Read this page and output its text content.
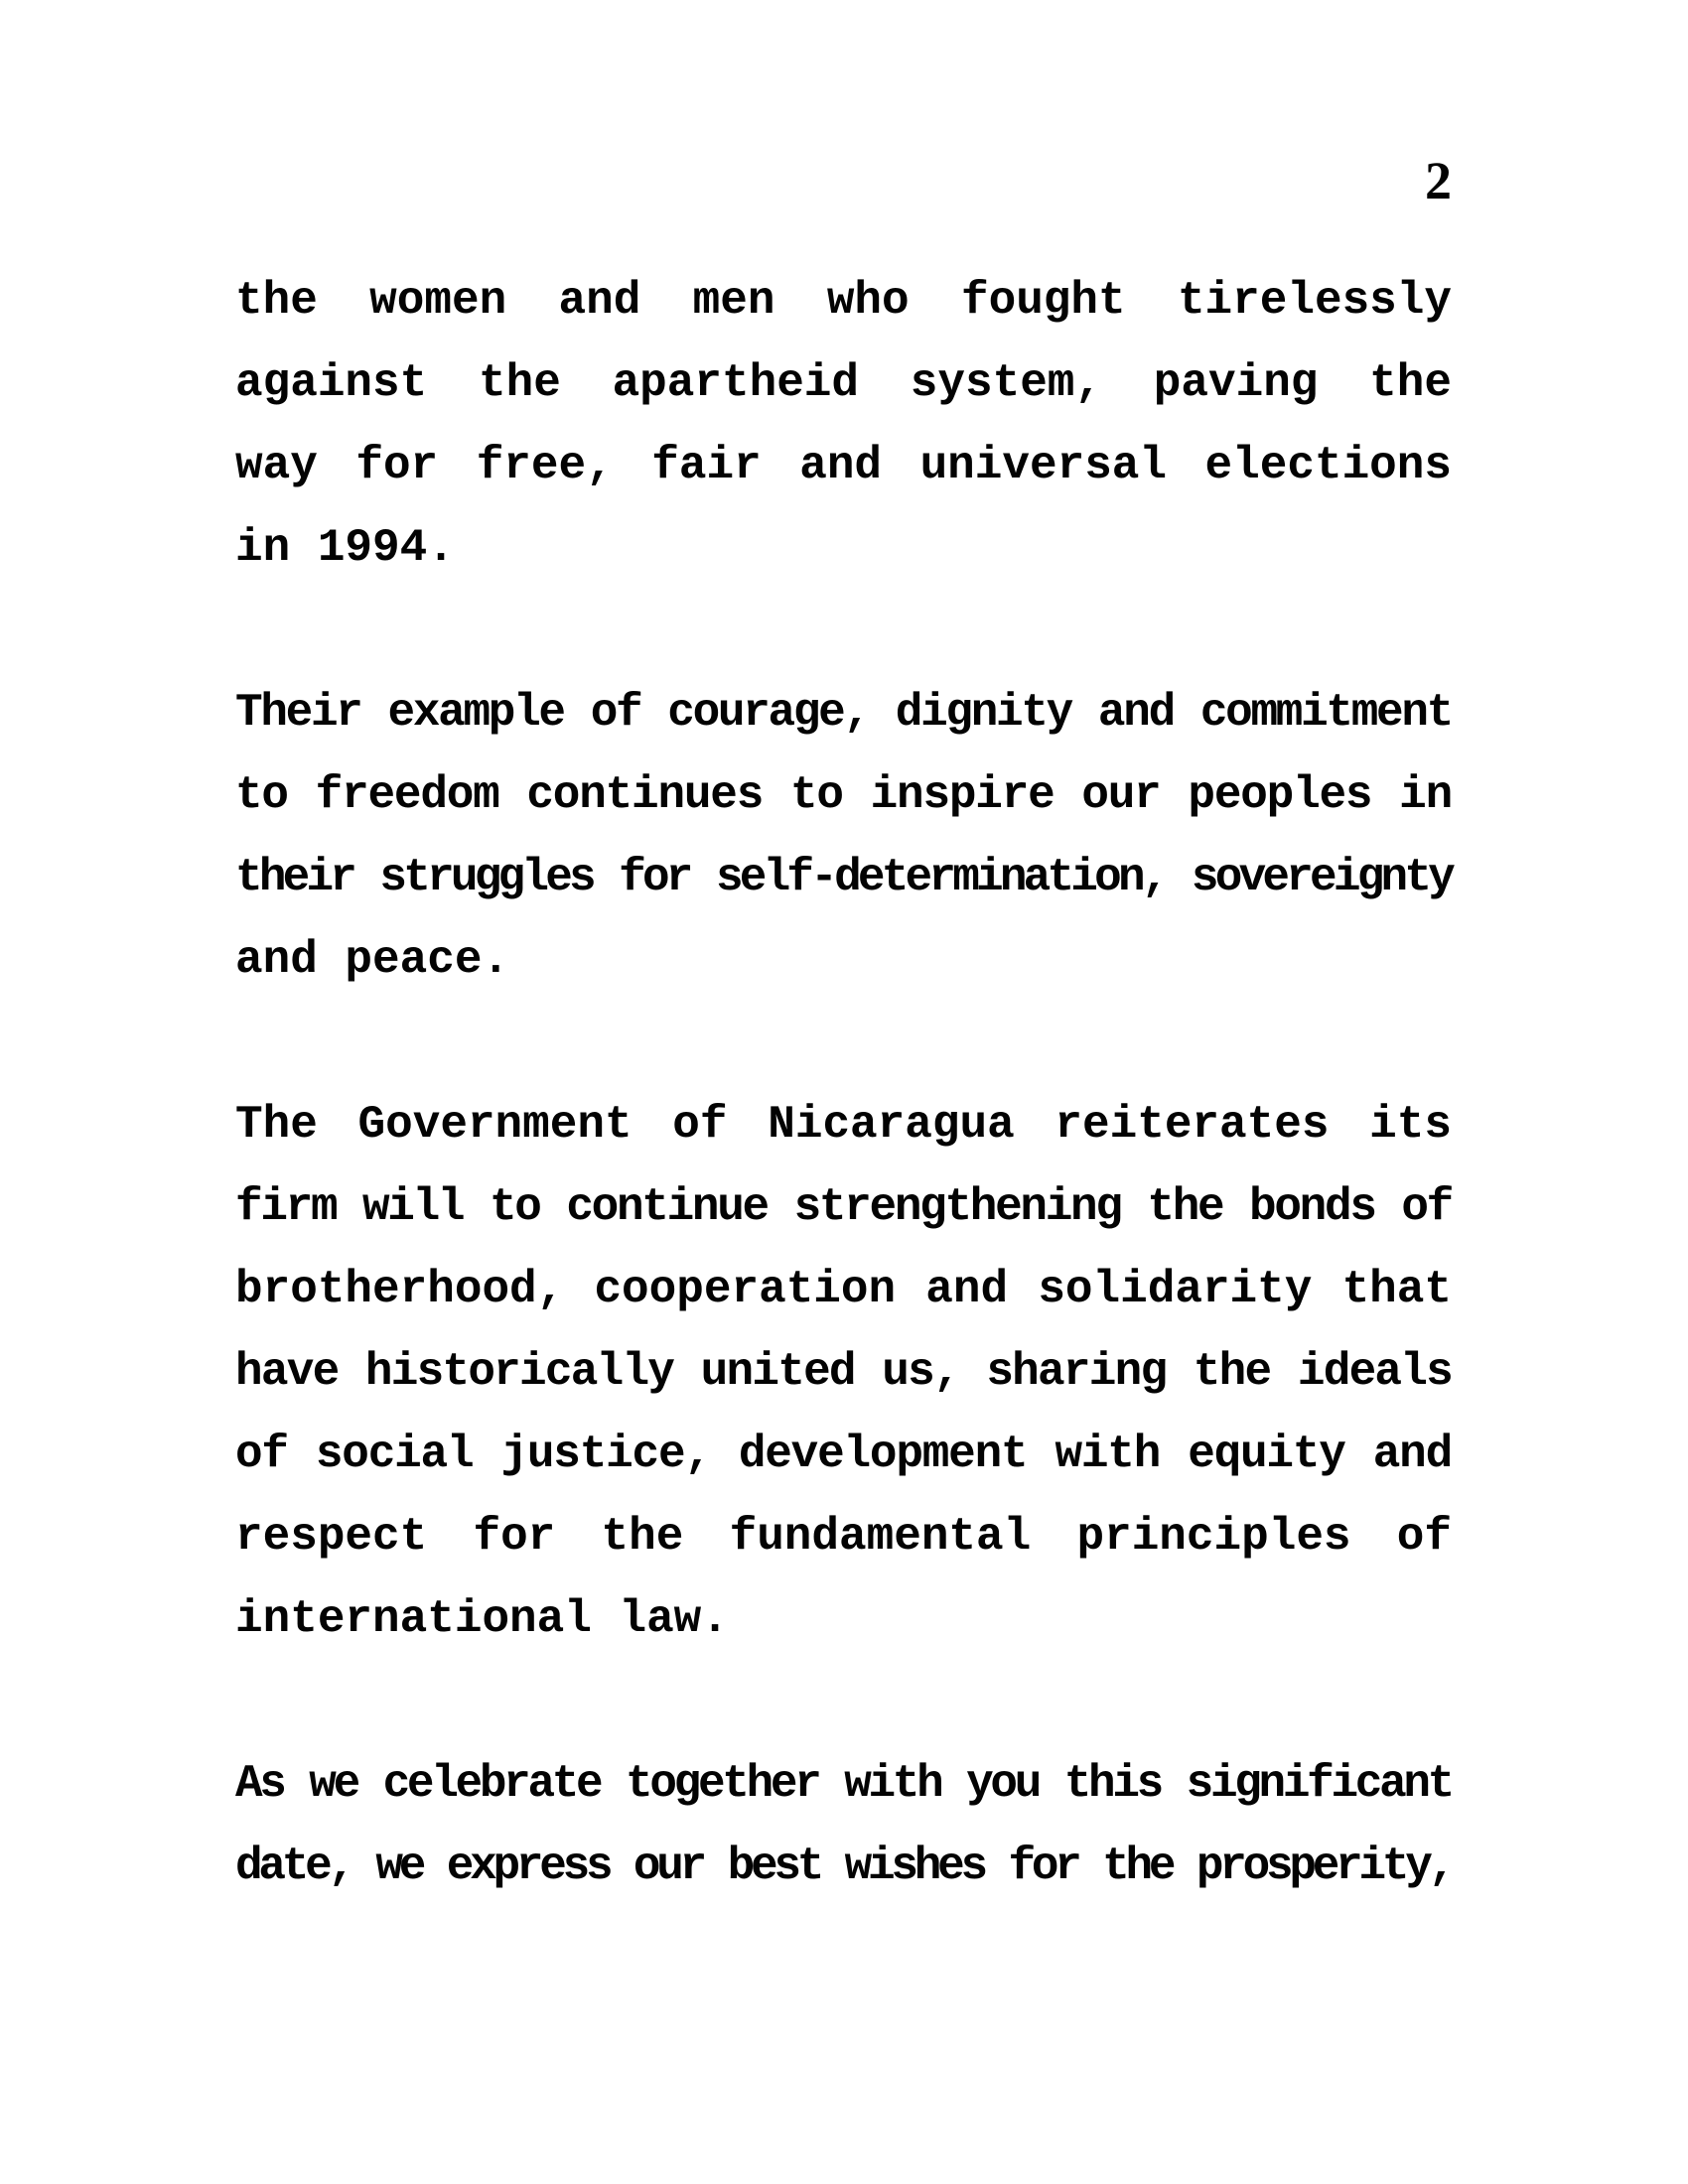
2
the women and men who fought tirelessly
against the apartheid system, paving the
way for free, fair and universal elections
in 1994.
Their example of courage, dignity and commitment
to freedom continues to inspire our peoples in
their struggles for self-determination, sovereignty
and peace.
The Government of Nicaragua reiterates its
firm will to continue strengthening the bonds of
brotherhood, cooperation and solidarity that
have historically united us, sharing the ideals
of social justice, development with equity and
respect for the fundamental principles of
international law.
As we celebrate together with you this significant
date, we express our best wishes for the prosperity,
